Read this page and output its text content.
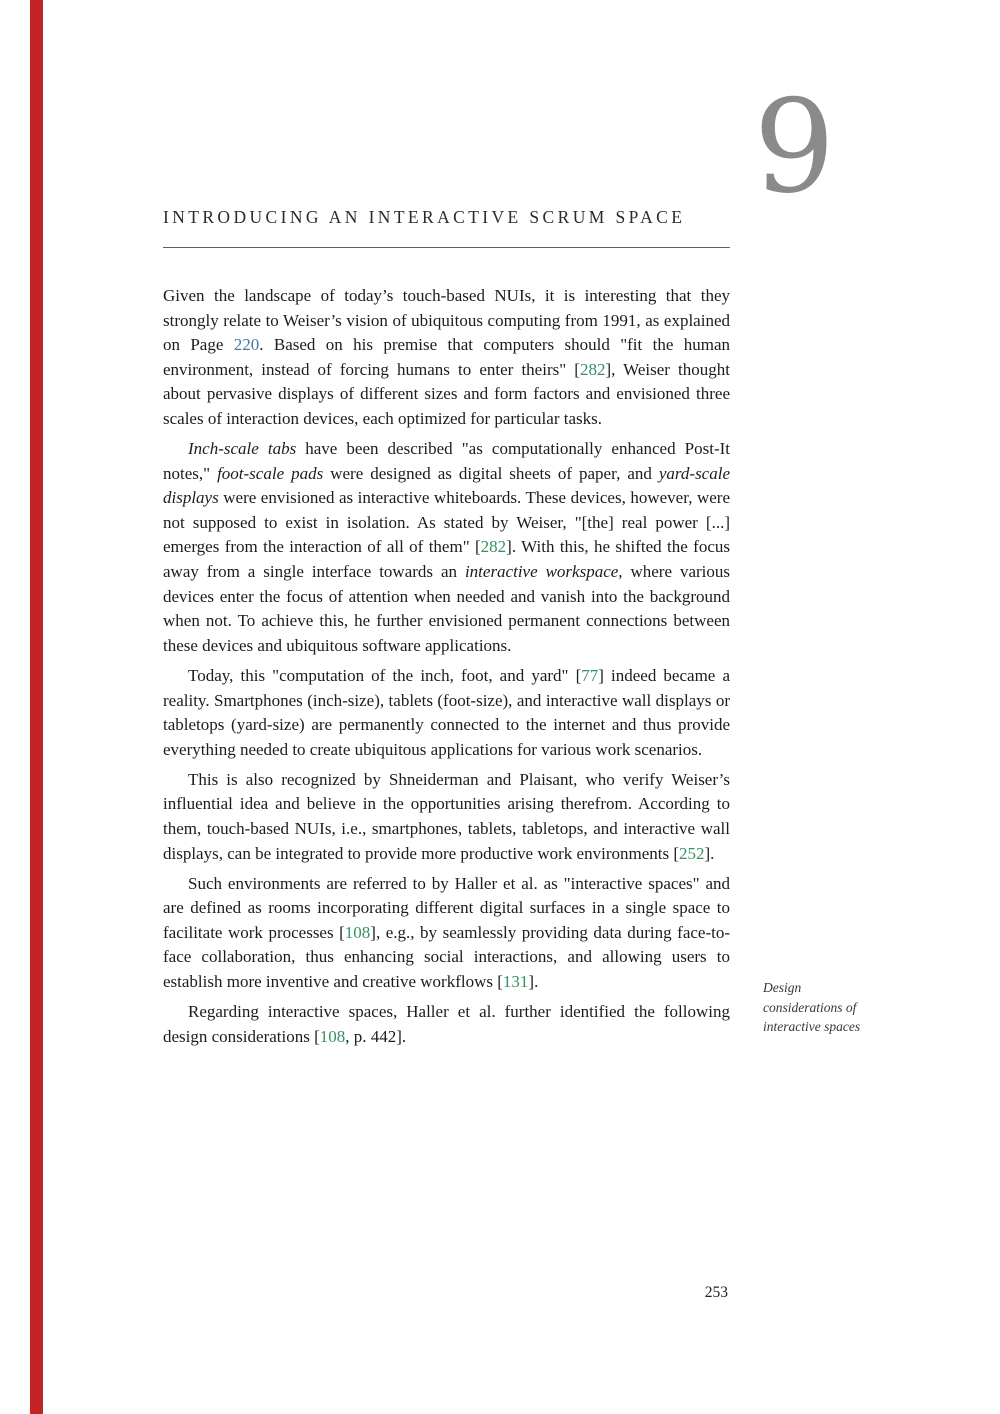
9
INTRODUCING AN INTERACTIVE SCRUM SPACE

Given the landscape of today’s touch-based NUIs, it is interesting that they strongly relate to Weiser’s vision of ubiquitous computing from 1991, as explained on Page 220. Based on his premise that computers should "fit the human environment, instead of forcing humans to enter theirs" [282], Weiser thought about pervasive displays of different sizes and form factors and envisioned three scales of interaction devices, each optimized for particular tasks.

Inch-scale tabs have been described "as computationally enhanced Post-It notes," foot-scale pads were designed as digital sheets of paper, and yard-scale displays were envisioned as interactive whiteboards. These devices, however, were not supposed to exist in isolation. As stated by Weiser, "[the] real power [...] emerges from the interaction of all of them" [282]. With this, he shifted the focus away from a single interface towards an interactive workspace, where various devices enter the focus of attention when needed and vanish into the background when not. To achieve this, he further envisioned permanent connections between these devices and ubiquitous software applications.

Today, this "computation of the inch, foot, and yard" [77] indeed became a reality. Smartphones (inch-size), tablets (foot-size), and interactive wall displays or tabletops (yard-size) are permanently connected to the internet and thus provide everything needed to create ubiquitous applications for various work scenarios.

This is also recognized by Shneiderman and Plaisant, who verify Weiser’s influential idea and believe in the opportunities arising therefrom. According to them, touch-based NUIs, i.e., smartphones, tablets, tabletops, and interactive wall displays, can be integrated to provide more productive work environments [252].

Such environments are referred to by Haller et al. as "interactive spaces" and are defined as rooms incorporating different digital surfaces in a single space to facilitate work processes [108], e.g., by seamlessly providing data during face-to-face collaboration, thus enhancing social interactions, and allowing users to establish more inventive and creative workflows [131].

Regarding interactive spaces, Haller et al. further identified the following design considerations [108, p. 442].

Design considerations of interactive spaces
253
